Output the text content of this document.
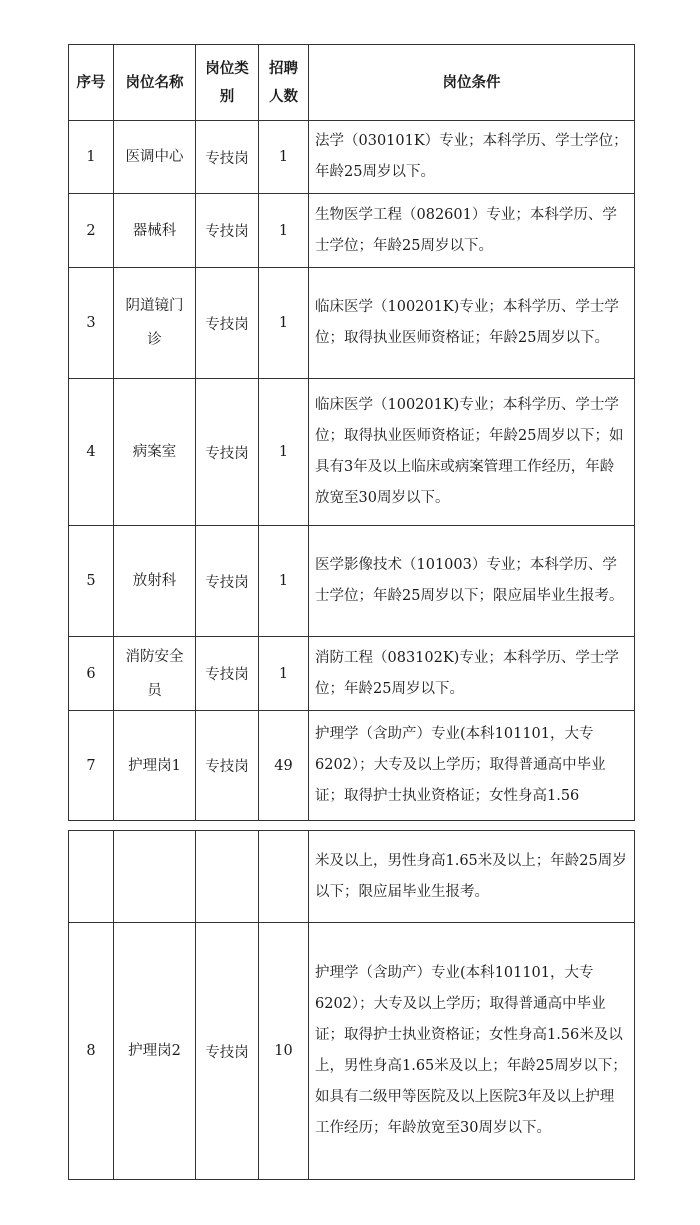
序号	岗位名称	岗位类别	招聘人数	岗位条件
1	医调中心	专技岗	1	法学（030101K）专业；本科学历、学士学位；年龄25周岁以下。
2	器械科	专技岗	1	生物医学工程（082601）专业；本科学历、学士学位；年龄25周岁以下。
3	阴道镜门诊	专技岗	1	临床医学（100201K)专业；本科学历、学士学位；取得执业医师资格证；年龄25周岁以下。
4	病案室	专技岗	1	临床医学（100201K)专业；本科学历、学士学位；取得执业医师资格证；年龄25周岁以下；如具有3年及以上临床或病案管理工作经历，年龄放宽至30周岁以下。
5	放射科	专技岗	1	医学影像技术（101003）专业；本科学历、学士学位；年龄25周岁以下；限应届毕业生报考。
6	消防安全员	专技岗	1	消防工程（083102K)专业；本科学历、学士学位；年龄25周岁以下。
7	护理岗1	专技岗	49	护理学（含助产）专业(本科101101，大专6202）；大专及以上学历；取得普通高中毕业证；取得护士执业资格证；女性身高1.56
				米及以上，男性身高1.65米及以上；年龄25周岁以下；限应届毕业生报考。
8	护理岗2	专技岗	10	护理学（含助产）专业(本科101101，大专6202）；大专及以上学历；取得普通高中毕业证；取得护士执业资格证；女性身高1.56米及以上，男性身高1.65米及以上；年龄25周岁以下；如具有二级甲等医院及以上医院3年及以上护理工作经历；年龄放宽至30周岁以下。
